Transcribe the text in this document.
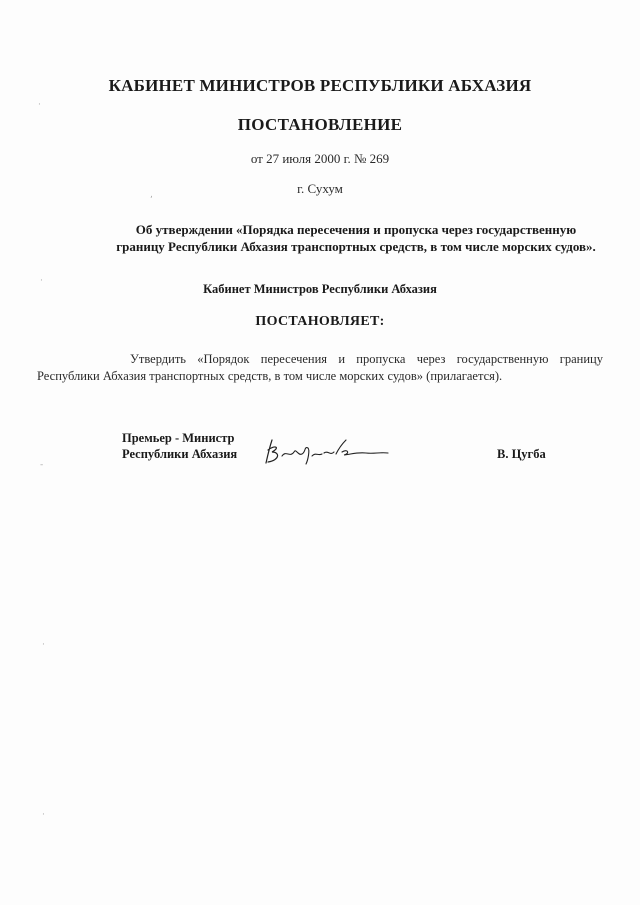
КАБИНЕТ МИНИСТРОВ РЕСПУБЛИКИ АБХАЗИЯ
ПОСТАНОВЛЕНИЕ
от 27 июля 2000 г. № 269
г. Сухум
Об утверждении «Порядка пересечения и пропуска через государственную
границу Республики Абхазия транспортных средств, в том числе морских судов».
Кабинет Министров Республики Абхазия
ПОСТАНОВЛЯЕТ:
Утвердить «Порядок пересечения и пропуска через государственную границу
Республики Абхазия транспортных средств, в том числе морских судов» (прилагается).
Премьер - Министр
Республики Абхазия	В. Цугба
·
·
-
,
·
·
